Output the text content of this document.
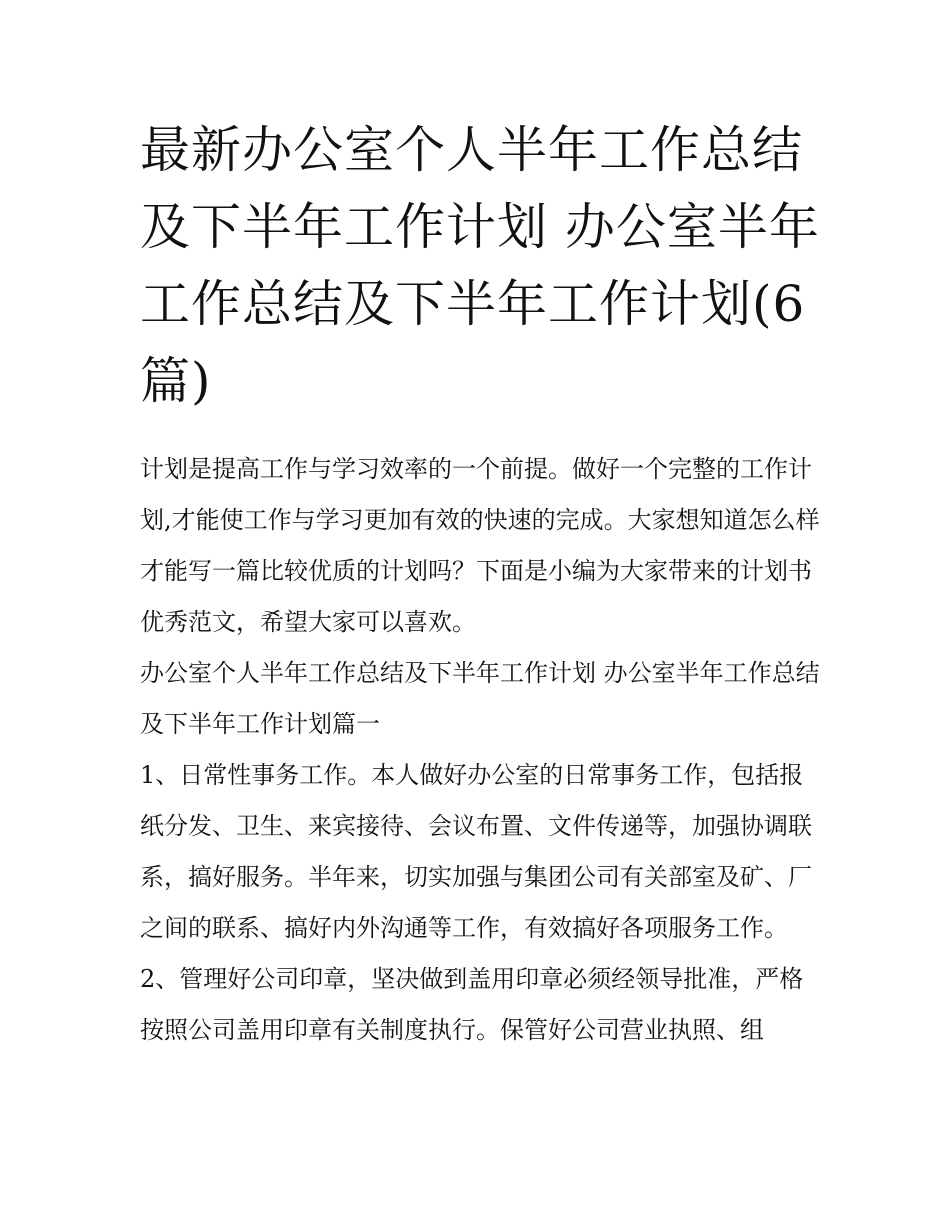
最新办公室个人半年工作总结及下半年工作计划 办公室半年工作总结及下半年工作计划(6篇)

计划是提高工作与学习效率的一个前提。做好一个完整的工作计划,才能使工作与学习更加有效的快速的完成。大家想知道怎么样才能写一篇比较优质的计划吗？下面是小编为大家带来的计划书优秀范文，希望大家可以喜欢。

办公室个人半年工作总结及下半年工作计划 办公室半年工作总结及下半年工作计划篇一

1、日常性事务工作。本人做好办公室的日常事务工作，包括报纸分发、卫生、来宾接待、会议布置、文件传递等，加强协调联系，搞好服务。半年来，切实加强与集团公司有关部室及矿、厂之间的联系、搞好内外沟通等工作，有效搞好各项服务工作。

2、管理好公司印章，坚决做到盖用印章必须经领导批准，严格按照公司盖用印章有关制度执行。保管好公司营业执照、组
